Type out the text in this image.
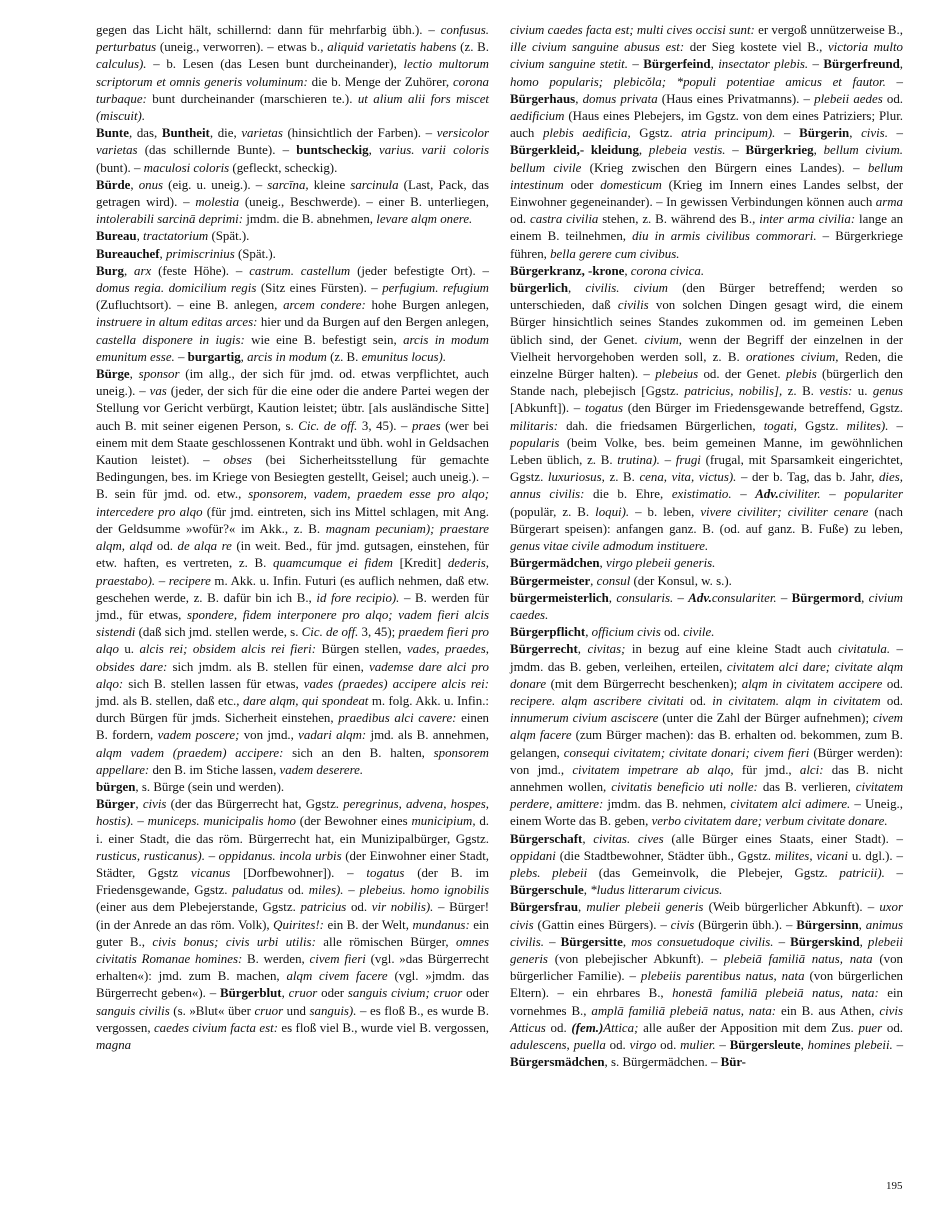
gegen das Licht hält, schillernd: dann für mehrfarbig übh.). – confusus. perturbatus (uneig., verworren). – etwas b., aliquid varietatis habens (z. B. calculus). – b. Lesen (das Lesen bunt durcheinander), lectio multorum scriptorum et omnis generis voluminum: die b. Menge der Zuhörer, corona turbaque: bunt durcheinander (marschieren te.). ut alium alii fors miscet (miscuit).

Bunte, das, Buntheit, die, varietas (hinsichtlich der Farben). – versicolor varietas (das schillernde Bunte). – buntscheckig, varius. varii coloris (bunt). – maculosi coloris (gefleckt, scheckig).

Bürde, onus (eig. u. uneig.). – sarcīna, kleine sarcinula (Last, Pack, das getragen wird). – molestia (uneig., Beschwerde). – einer B. unterliegen, intolerabili sarcinā deprimi: jmdm. die B. abnehmen, levare alqm onere.

Bureau, tractatorium (Spät.).

Bureauchef, primiscrinius (Spät.).

Burg, arx (feste Höhe). – castrum. castellum (jeder befestigte Ort). – domus regia. domicilium regis (Sitz eines Fürsten). – perfugium. refugium (Zufluchtsort). – eine B. anlegen, arcem condere: hohe Burgen anlegen, instruere in altum editas arces: hier und da Burgen auf den Bergen anlegen, castella disponere in iugis: wie eine B. befestigt sein, arcis in modum emunitum esse. – burgartig, arcis in modum (z. B. emunitus locus).

Bürge, sponsor (im allg., der sich für jmd. od. etwas verpflichtet, auch uneig.). – vas (jeder, der sich für die eine oder die andere Partei wegen der Stellung vor Gericht verbürgt, Kaution leistet; übtr. [als ausländische Sitte] auch B. mit seiner eigenen Person, s. Cic. de off. 3, 45). – praes (wer bei einem mit dem Staate geschlossenen Kontrakt und übh. wohl in Geldsachen Kaution leistet). – obses (bei Sicherheitsstellung für gemachte Bedingungen, bes. im Kriege von Besiegten gestellt, Geisel; auch uneig.). – B. sein für jmd. od. etw., sponsorem, vadem, praedem esse pro alqo; intercedere pro alqo (für jmd. eintreten, sich ins Mittel schlagen, mit Ang. der Geldsumme »wofür?« im Akk., z. B. magnam pecuniam); praestare alqm, alqd od. de alqa re (in weit. Bed., für jmd. gutsagen, einstehen, für etw. haften, es vertreten, z. B. quamcumque ei fidem [Kredit] dederis, praestabo). – recipere m. Akk. u. Infin. Futuri (es auflich nehmen, daß etw. geschehen werde, z. B. dafür bin ich B., id fore recipio). – B. werden für jmd., für etwas, spondere, fidem interponere pro alqo; vadem fieri alcis sistendi (daß sich jmd. stellen werde, s. Cic. de off. 3, 45); praedem fieri pro alqo u. alcis rei; obsidem alcis rei fieri: Bürgen stellen, vades, praedes, obsides dare: sich jmdm. als B. stellen für einen, vademse dare alci pro alqo: sich B. stellen lassen für etwas, vades (praedes) accipere alcis rei: jmd. als B. stellen, daß etc., dare alqm, qui spondeat m. folg. Akk. u. Infin.: durch Bürgen für jmds. Sicherheit einstehen, praedibus alci cavere: einen B. fordern, vadem poscere; von jmd., vadari alqm: jmd. als B. annehmen, alqm vadem (praedem) accipere: sich an den B. halten, sponsorem appellare: den B. im Stiche lassen, vadem deserere.

bürgen, s. Bürge (sein und werden).

Bürger, civis (der das Bürgerrecht hat, Ggstz. peregrinus, advena, hospes, hostis). – municeps. municipalis homo (der Bewohner eines municipium, d. i. einer Stadt, die das röm. Bürgerrecht hat, ein Munizipalbürger, Ggstz. rusticus, rusticanus). – oppidanus. incola urbis (der Einwohner einer Stadt, Städter, Ggstz vicanus [Dorfbewohner]). – togatus (der B. im Friedensgewande, Ggstz. paludatus od. miles). – plebeius. homo ignobilis (einer aus dem Plebejerstande, Ggstz. patricius od. vir nobilis). – Bürger! (in der Anrede an das röm. Volk), Quirites!: ein B. der Welt, mundanus: ein guter B., civis bonus; civis urbi utilis: alle römischen Bürger, omnes civitatis Romanae homines: B. werden, civem fieri (vgl. »das Bürgerrecht erhalten«): jmd. zum B. machen, alqm civem facere (vgl. »jmdm. das Bürgerrecht geben«). – Bürgerblut, cruor oder sanguis civium; cruor oder sanguis civilis (s. »Blut« über cruor und sanguis). – es floß B., es wurde B. vergossen, caedes civium facta est: es floß viel B., wurde viel B. vergossen, magna

civium caedes facta est; multi cives occisi sunt: er vergoß unnützerweise B., ille civium sanguine abusus est: der Sieg kostete viel B., victoria multo civium sanguine stetit. – Bürgerfeind, insectator plebis. – Bürgerfreund, homo popularis; plebicŏla; *populi potentiae amicus et fautor. – Bürgerhaus, domus privata (Haus eines Privatmanns). – plebeii aedes od. aedificium (Haus eines Plebejers, im Ggstz. von dem eines Patriziers; Plur. auch plebis aedificia, Ggstz. atria principum). – Bürgerin, civis. – Bürgerkleid,- kleidung, plebeia vestis. – Bürgerkrieg, bellum civium. bellum civile (Krieg zwischen den Bürgern eines Landes). – bellum intestinum oder domesticum (Krieg im Innern eines Landes selbst, der Einwohner gegeneinander). – In gewissen Verbindungen können auch arma od. castra civilia stehen, z. B. während des B., inter arma civilia: lange an einem B. teilnehmen, diu in armis civilibus commorari. – Bürgerkriege führen, bella gerere cum civibus.

Bürgerkranz, -krone, corona civica.

bürgerlich, civilis. civium (den Bürger betreffend; werden so unterschieden, daß civilis von solchen Dingen gesagt wird, die einem Bürger hinsichtlich seines Standes zukommen od. im gemeinen Leben üblich sind, der Genet. civium, wenn der Begriff der einzelnen in der Vielheit hervorgehoben werden soll, z. B. orationes civium, Reden, die einzelne Bürger halten). – plebeius od. der Genet. plebis (bürgerlich den Stande nach, plebejisch [Ggstz. patricius, nobilis], z. B. vestis: u. genus [Abkunft]). – togatus (den Bürger im Friedensgewande betreffend, Ggstz. militaris: dah. die friedsamen Bürgerlichen, togati, Ggstz. milites). – popularis (beim Volke, bes. beim gemeinen Manne, im gewöhnlichen Leben üblich, z. B. trutina). – frugi (frugal, mit Sparsamkeit eingerichtet, Ggstz. luxuriosus, z. B. cena, vita, victus). – der b. Tag, das b. Jahr, dies, annus civilis: die b. Ehre, existimatio. – Adv.civiliter. – populariter (populär, z. B. loqui). – b. leben, vivere civiliter; civiliter cenare (nach Bürgerart speisen): anfangen ganz. B. (od. auf ganz. B. Fuße) zu leben, genus vitae civile admodum instituere.

Bürgermädchen, virgo plebeii generis.

Bürgermeister, consul (der Konsul, w. s.).

bürgermeisterlich, consularis. – Adv.consulariter. – Bürgermord, civium caedes.

Bürgerpflicht, officium civis od. civile.

Bürgerrecht, civitas; in bezug auf eine kleine Stadt auch civitatula. – jmdm. das B. geben, verleihen, erteilen, civitatem alci dare; civitate alqm donare (mit dem Bürgerrecht beschenken); alqm in civitatem accipere od. recipere. alqm ascribere civitati od. in civitatem. alqm in civitatem od. innumerum civium asciscere (unter die Zahl der Bürger aufnehmen); civem alqm facere (zum Bürger machen): das B. erhalten od. bekommen, zum B. gelangen, consequi civitatem; civitate donari; civem fieri (Bürger werden): von jmd., civitatem impetrare ab alqo, für jmd., alci: das B. nicht annehmen wollen, civitatis beneficio uti nolle: das B. verlieren, civitatem perdere, amittere: jmdm. das B. nehmen, civitatem alci adimere. – Uneig., einem Worte das B. geben, verbo civitatem dare; verbum civitate donare.

Bürgerschaft, civitas. cives (alle Bürger eines Staats, einer Stadt). – oppidani (die Stadtbewohner, Städter übh., Ggstz. milites, vicani u. dgl.). – plebs. plebeii (das Gemeinvolk, die Plebejer, Ggstz. patricii). – Bürgerschule, *ludus litterarum civicus.

Bürgersfrau, mulier plebeii generis (Weib bürgerlicher Abkunft). – uxor civis (Gattin eines Bürgers). – civis (Bürgerin übh.). – Bürgersinn, animus civilis. – Bürgersitte, mos consuetudoque civilis. – Bürgerskind, plebeii generis (von plebejischer Abkunft). – plebeiā familiā natus, nata (von bürgerlicher Familie). – plebeiis parentibus natus, nata (von bürgerlichen Eltern). – ein ehrbares B., honestā familiā plebeiā natus, nata: ein vornehmes B., amplā familiā plebeiā natus, nata: ein B. aus Athen, civis Atticus od. (fem.)Attica; alle außer der Apposition mit dem Zus. puer od. adulescens, puella od. virgo od. mulier. – Bürgersleute, homines plebeii. – Bürgersmädchen, s. Bürgermädchen. – Bür-

195
